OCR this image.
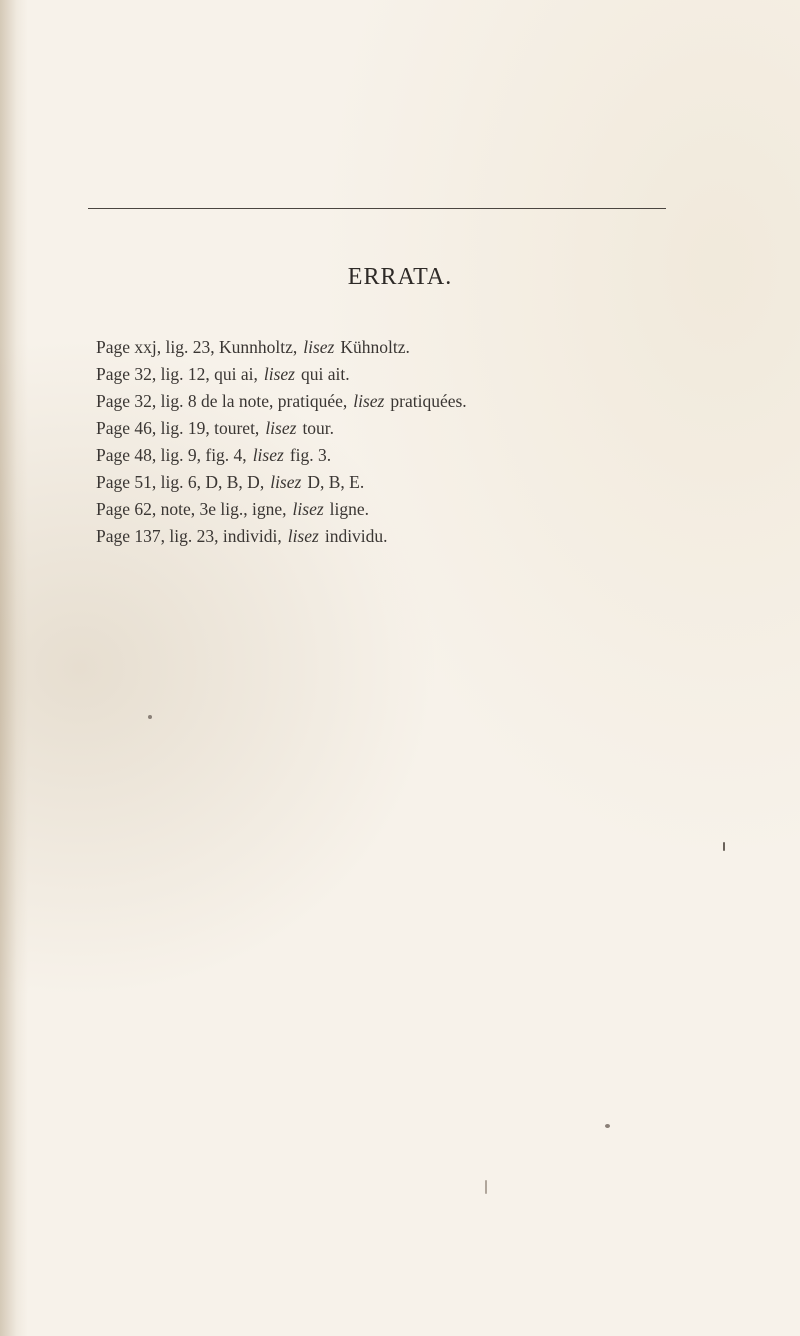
ERRATA.
Page xxj, lig. 23, Kunnholtz, lisez Kühnoltz.
Page 32, lig. 12, qui ai, lisez qui ait.
Page 32, lig. 8 de la note, pratiquée, lisez pratiquées.
Page 46, lig. 19, touret, lisez tour.
Page 48, lig. 9, fig. 4, lisez fig. 3.
Page 51, lig. 6, D, B, D, lisez D, B, E.
Page 62, note, 3e lig., igne, lisez ligne.
Page 137, lig. 23, individi, lisez individu.
